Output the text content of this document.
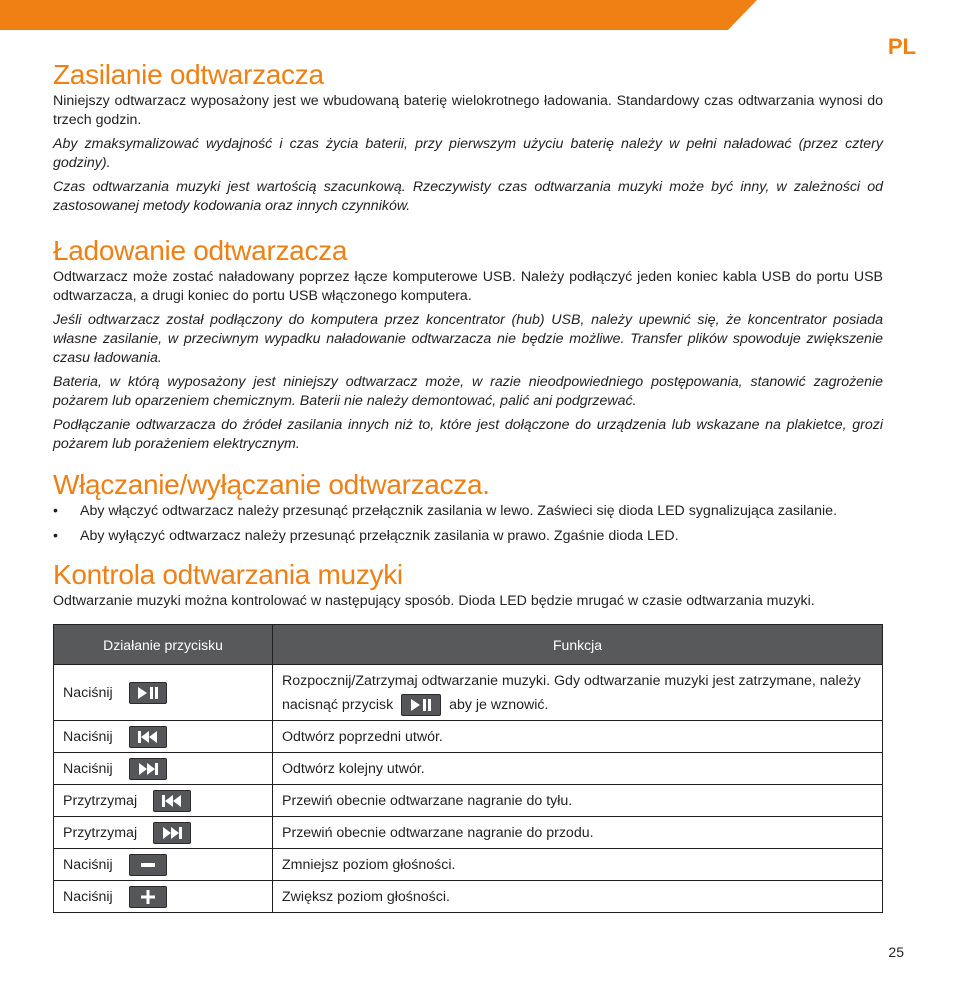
PL
Zasilanie odtwarzacza

Niniejszy odtwarzacz wyposażony jest we wbudowaną baterię wielokrotnego ładowania. Standardowy czas odtwarzania wynosi do trzech godzin.

Aby zmaksymalizować wydajność i czas życia baterii, przy pierwszym użyciu baterię należy w pełni naładować (przez cztery godziny).

Czas odtwarzania muzyki jest wartością szacunkową. Rzeczywisty czas odtwarzania muzyki może być inny, w zależności od zastosowanej metody kodowania oraz innych czynników.

Ładowanie odtwarzacza

Odtwarzacz może zostać naładowany poprzez łącze komputerowe USB. Należy podłączyć jeden koniec kabla USB do portu USB odtwarzacza, a drugi koniec do portu USB włączonego komputera.

Jeśli odtwarzacz został podłączony do komputera przez koncentrator (hub) USB, należy upewnić się, że koncentrator posiada własne zasilanie, w przeciwnym wypadku naładowanie odtwarzacza nie będzie możliwe. Transfer plików spowoduje zwiększenie czasu ładowania.

Bateria, w którą wyposażony jest niniejszy odtwarzacz może, w razie nieodpowiedniego postępowania, stanowić zagrożenie pożarem lub oparzeniem chemicznym. Baterii nie należy demontować, palić ani podgrzewać.

Podłączanie odtwarzacza do źródeł zasilania innych niż to, które jest dołączone do urządzenia lub wskazane na plakietce, grozi pożarem lub porażeniem elektrycznym.

Włączanie/wyłączanie odtwarzacza.
• Aby włączyć odtwarzacz należy przesunąć przełącznik zasilania w lewo. Zaświeci się dioda LED sygnalizująca zasilanie.
• Aby wyłączyć odtwarzacz należy przesunąć przełącznik zasilania w prawo. Zgaśnie dioda LED.
Kontrola odtwarzania muzyki

Odtwarzanie muzyki można kontrolować w następujący sposób. Dioda LED będzie mrugać w czasie odtwarzania muzyki.

Działanie przycisku	Funkcja

Naciśnij	Rozpocznij/Zatrzymaj odtwarzanie muzyki. Gdy odtwarzanie muzyki jest zatrzymane, należy nacisnąć przycisk aby je wznowić.

Naciśnij	Odtwórz poprzedni utwór.

Naciśnij	Odtwórz kolejny utwór.

Przytrzymaj	Przewiń obecnie odtwarzane nagranie do tyłu.

Przytrzymaj	Przewiń obecnie odtwarzane nagranie do przodu.

Naciśnij	Zmniejsz poziom głośności.

Naciśnij	Zwiększ poziom głośności.
25
